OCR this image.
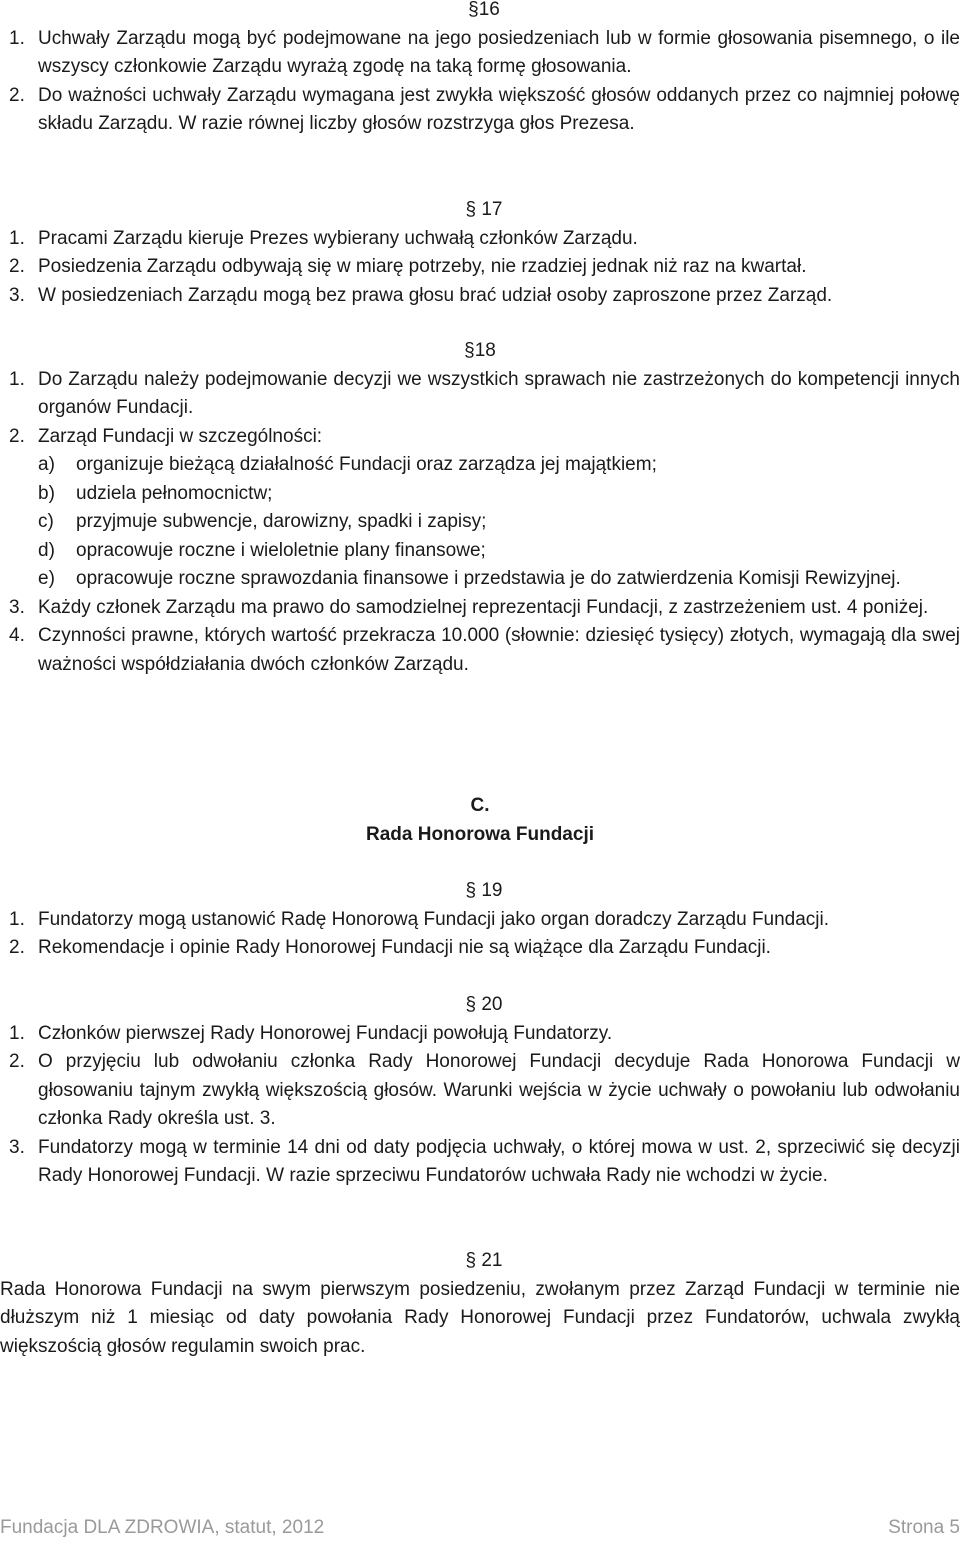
§16
1. Uchwały Zarządu mogą być podejmowane na jego posiedzeniach lub w formie głosowania pisemnego, o ile wszyscy członkowie Zarządu wyrażą zgodę na taką formę głosowania.
2. Do ważności uchwały Zarządu wymagana jest zwykła większość głosów oddanych przez co najmniej połowę składu Zarządu. W razie równej liczby głosów rozstrzyga głos Prezesa.
§ 17
1. Pracami Zarządu kieruje Prezes wybierany uchwałą członków Zarządu.
2. Posiedzenia Zarządu odbywają się w miarę potrzeby, nie rzadziej jednak niż raz na kwartał.
3. W posiedzeniach Zarządu mogą bez prawa głosu brać udział osoby zaproszone przez Zarząd.
§18
1. Do Zarządu należy podejmowanie decyzji we wszystkich sprawach nie zastrzeżonych do kompetencji innych organów Fundacji.
2. Zarząd Fundacji w szczególności:
a)	organizuje bieżącą działalność Fundacji oraz zarządza jej majątkiem;
b)	udziela pełnomocnictw;
c)	przyjmuje subwencje, darowizny, spadki i zapisy;
d)	opracowuje roczne i wieloletnie plany finansowe;
e)	opracowuje roczne sprawozdania finansowe i przedstawia je do zatwierdzenia Komisji Rewizyjnej.
3. Każdy członek Zarządu ma prawo do samodzielnej reprezentacji Fundacji, z zastrzeżeniem ust. 4 poniżej.
4. Czynności prawne, których wartość przekracza 10.000 (słownie: dziesięć tysięcy) złotych, wymagają dla swej ważności współdziałania dwóch członków Zarządu.
C.
Rada Honorowa Fundacji
§ 19
1. Fundatorzy mogą ustanowić Radę Honorową Fundacji jako organ doradczy Zarządu Fundacji.
2. Rekomendacje i opinie Rady Honorowej Fundacji nie są wiążące dla Zarządu Fundacji.
§ 20
1. Członków pierwszej Rady Honorowej Fundacji powołują Fundatorzy.
2. O przyjęciu lub odwołaniu członka Rady Honorowej Fundacji decyduje Rada Honorowa Fundacji w głosowaniu tajnym zwykłą większością głosów. Warunki wejścia w życie uchwały o powołaniu lub odwołaniu członka Rady określa ust. 3.
3. Fundatorzy mogą w terminie 14 dni od daty podjęcia uchwały, o której mowa w ust. 2, sprzeciwić się decyzji Rady Honorowej Fundacji. W razie sprzeciwu Fundatorów uchwała Rady nie wchodzi w życie.
§ 21
Rada Honorowa Fundacji na swym pierwszym posiedzeniu, zwołanym przez Zarząd Fundacji w terminie nie dłuższym niż 1 miesiąc od daty powołania Rady Honorowej Fundacji przez Fundatorów, uchwala zwykłą większością głosów regulamin swoich prac.
Fundacja DLA ZDROWIA, statut, 2012	Strona 5
